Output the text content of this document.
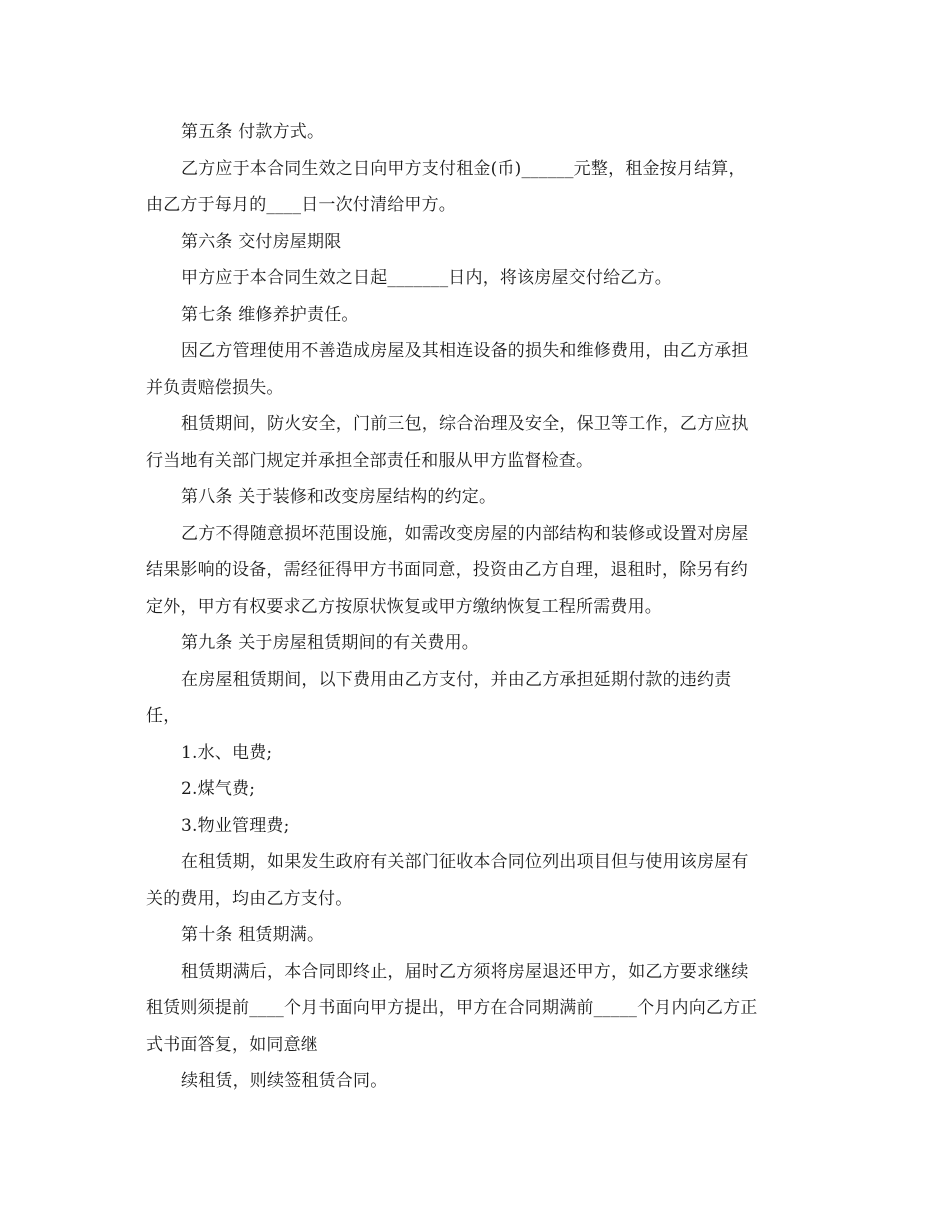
第五条 付款方式。
乙方应于本合同生效之日向甲方支付租金(币)______元整，租金按月结算，
由乙方于每月的____日一次付清给甲方。
第六条 交付房屋期限
甲方应于本合同生效之日起_______日内，将该房屋交付给乙方。
第七条 维修养护责任。
因乙方管理使用不善造成房屋及其相连设备的损失和维修费用，由乙方承担
并负责赔偿损失。
租赁期间，防火安全，门前三包，综合治理及安全，保卫等工作，乙方应执
行当地有关部门规定并承担全部责任和服从甲方监督检查。
第八条 关于装修和改变房屋结构的约定。
乙方不得随意损坏范围设施，如需改变房屋的内部结构和装修或设置对房屋
结果影响的设备，需经征得甲方书面同意，投资由乙方自理，退租时，除另有约
定外，甲方有权要求乙方按原状恢复或甲方缴纳恢复工程所需费用。
第九条 关于房屋租赁期间的有关费用。
在房屋租赁期间，以下费用由乙方支付，并由乙方承担延期付款的违约责
任，
1.水、电费;
2.煤气费;
3.物业管理费;
在租赁期，如果发生政府有关部门征收本合同位列出项目但与使用该房屋有
关的费用，均由乙方支付。
第十条 租赁期满。
租赁期满后，本合同即终止，届时乙方须将房屋退还甲方，如乙方要求继续
租赁则须提前____个月书面向甲方提出，甲方在合同期满前_____个月内向乙方正
式书面答复，如同意继
续租赁，则续签租赁合同。
